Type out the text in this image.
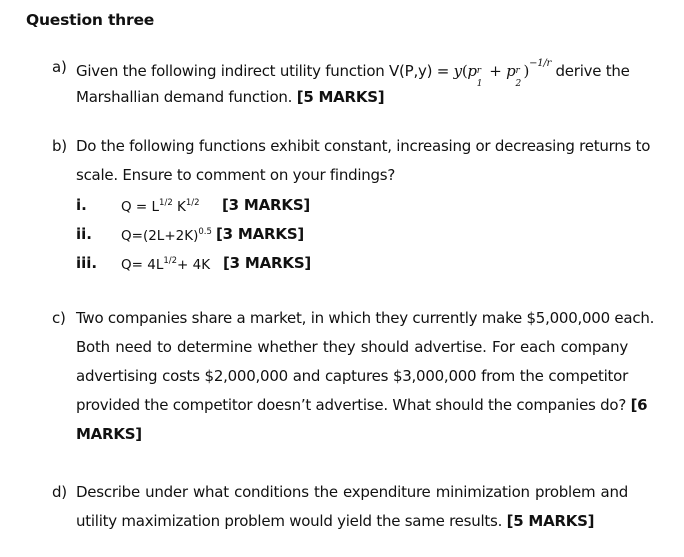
Question three
a) Given the following indirect utility function V(P,y) = y(p r
1
+ p r
2
)$^{-1/r}$ derive the
Marshallian demand function. [5 MARKS]
b) Do the following functions exhibit constant, increasing or decreasing returns to
scale. Ensure to comment on your findings?
i.	$Q = L^{1/2}$ $K^{1/2}$ [3 MARKS]
ii. $Q=(2L+2K)^{0.5}$ [3 MARKS]
iii. $Q= 4L^{1/2}+ 4K$ [3 MARKS]
c) Two companies share a market, in which they currently make $5,000,000 each.
Both need to determine whether they should advertise. For each company
advertising costs $2,000,000 and captures $3,000,000 from the competitor
provided the competitor doesn’t advertise. What should the companies do? [6
MARKS]
d) Describe under what conditions the expenditure minimization problem and
utility maximization problem would yield the same results. [5 MARKS]
